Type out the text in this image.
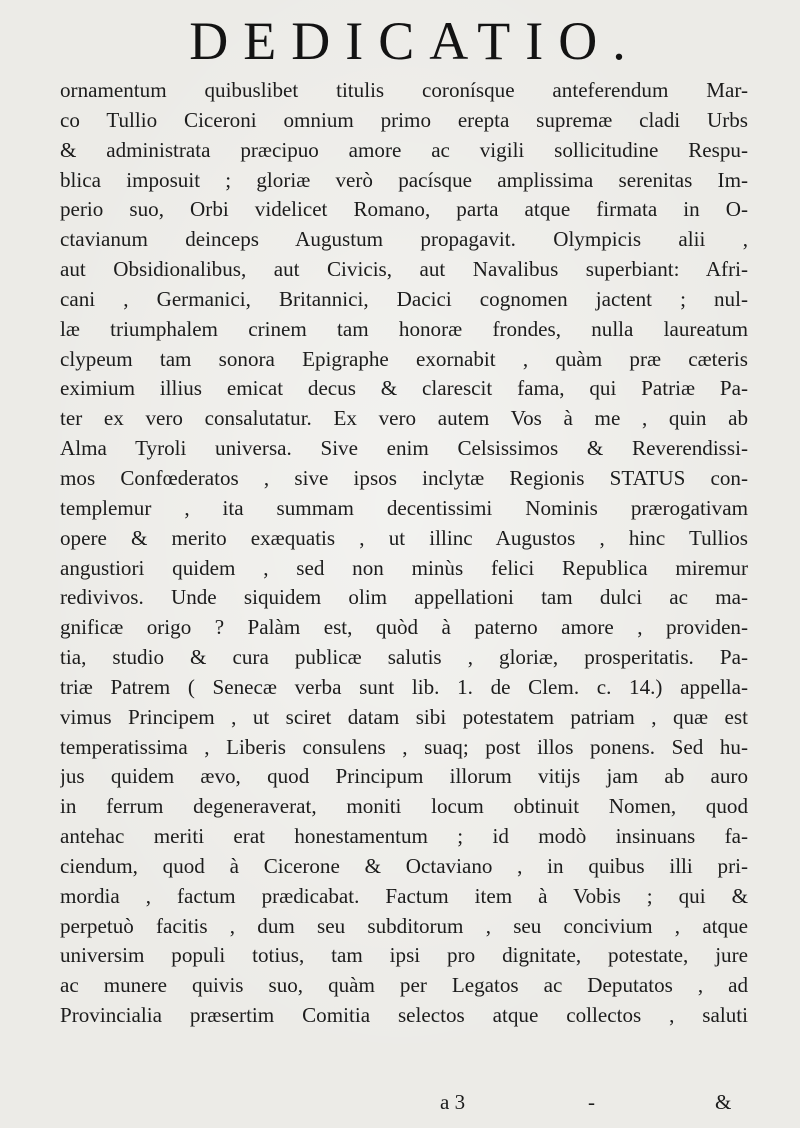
DEDICATIO.
ornamentum quibuslibet titulis coronísque anteferendum Mar-
co Tullio Ciceroni omnium primo erepta supremæ cladi Urbs
& administrata præcipuo amore ac vigili sollicitudine Respu-
blica imposuit ; gloriæ verò pacísque amplissima serenitas Im-
perio suo, Orbi videlicet Romano, parta atque firmata in O-
ctavianum deinceps Augustum propagavit. Olympicis alii ,
aut Obsidionalibus, aut Civicis, aut Navalibus superbiant: Afri-
cani , Germanici, Britannici, Dacici cognomen jactent ; nul-
læ triumphalem crinem tam honoræ frondes, nulla laureatum
clypeum tam sonora Epigraphe exornabit , quàm præ cæteris
eximium illius emicat decus & clarescit fama, qui Patriæ Pa-
ter ex vero consalutatur. Ex vero autem Vos à me , quin ab
Alma Tyroli universa. Sive enim Celsissimos & Reverendissi-
mos Confœderatos , sive ipsos inclytæ Regionis STATUS con-
templemur , ita summam decentissimi Nominis prærogativam
opere & merito exæquatis , ut illinc Augustos , hinc Tullios
angustiori quidem , sed non minùs felici Republica miremur
redivivos. Unde siquidem olim appellationi tam dulci ac ma-
gnificæ origo ? Palàm est, quòd à paterno amore , providen-
tia, studio & cura publicæ salutis , gloriæ, prosperitatis. Pa-
triæ Patrem ( Senecæ verba sunt lib. 1. de Clem. c. 14.) appella-
vimus Principem , ut sciret datam sibi potestatem patriam , quæ est
temperatissima , Liberis consulens , suaq; post illos ponens. Sed hu-
jus quidem ævo, quod Principum illorum vitijs jam ab auro
in ferrum degeneraverat, moniti locum obtinuit Nomen, quod
antehac meriti erat honestamentum ; id modò insinuans fa-
ciendum, quod à Cicerone & Octaviano , in quibus illi pri-
mordia , factum prædicabat. Factum item à Vobis ; qui &
perpetuò facitis , dum seu subditorum , seu concivium , atque
universim populi totius, tam ipsi pro dignitate, potestate, jure
ac munere quivis suo, quàm per Legatos ac Deputatos , ad
Provincialia præsertim Comitia selectos atque collectos , saluti
a 3	-	&
